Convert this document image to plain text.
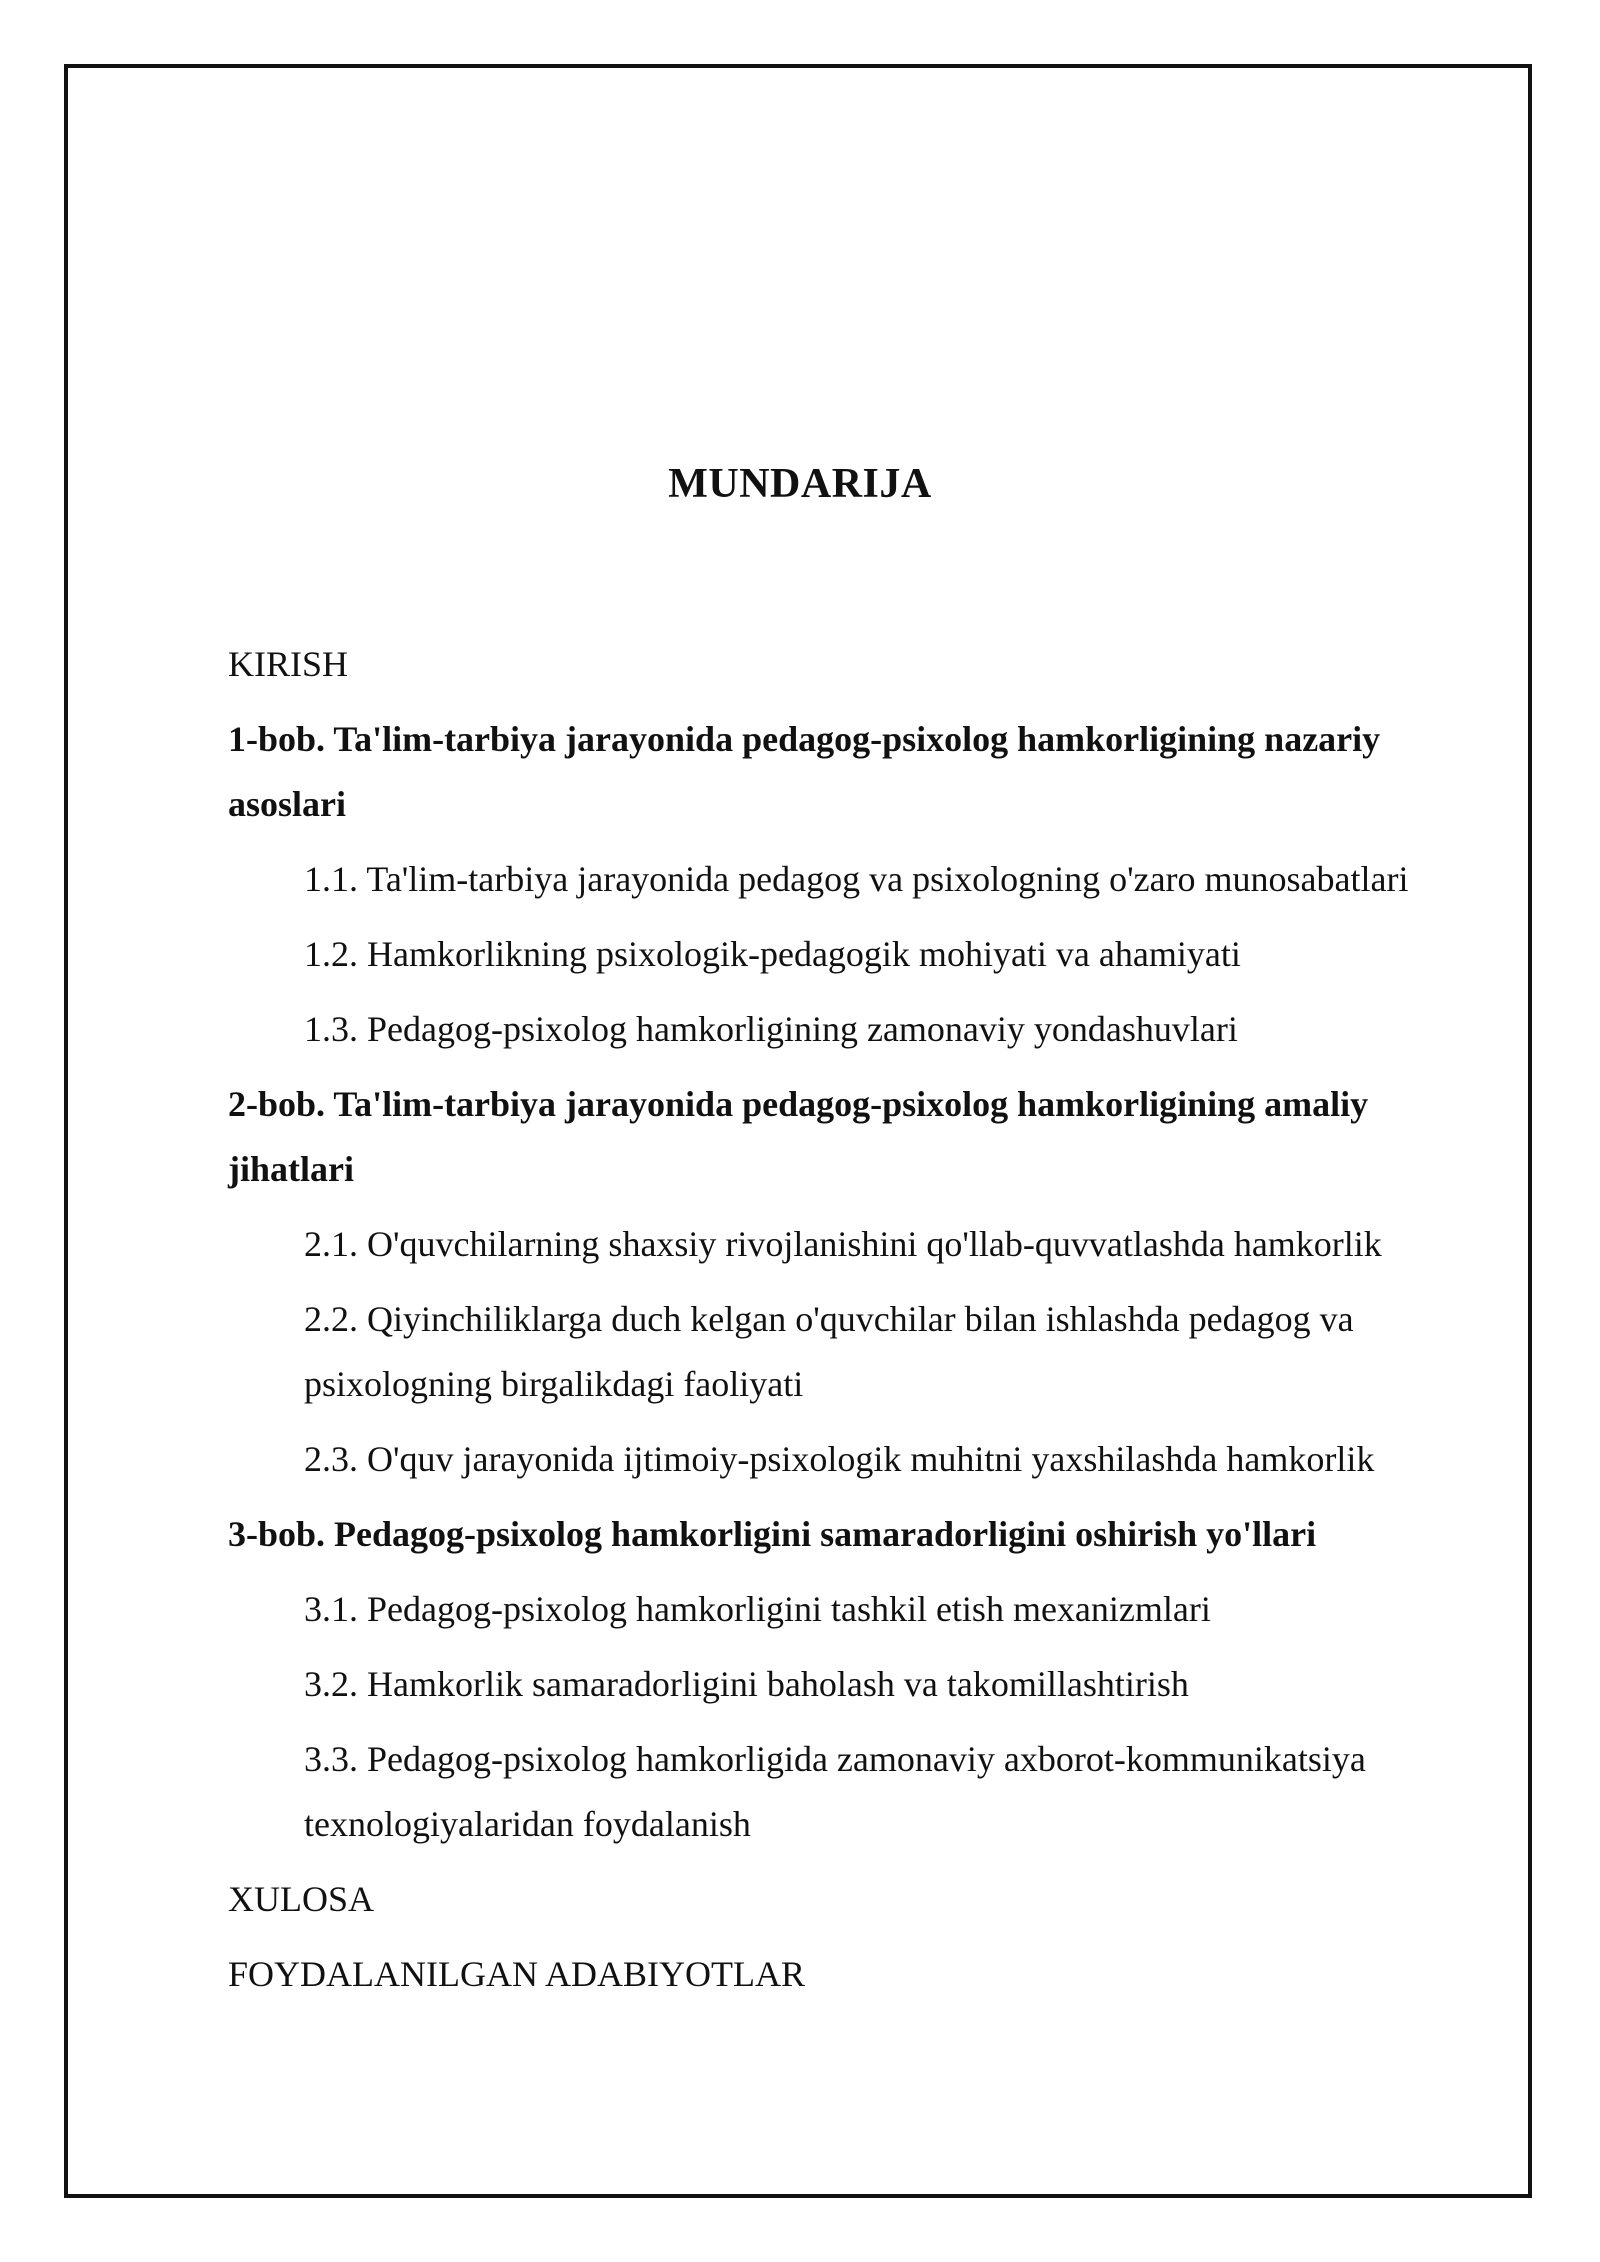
MUNDARIJA
KIRISH
1-bob. Ta'lim-tarbiya jarayonida pedagog-psixolog hamkorligining nazariy asoslari
1.1. Ta'lim-tarbiya jarayonida pedagog va psixologning o'zaro munosabatlari
1.2. Hamkorlikning psixologik-pedagogik mohiyati va ahamiyati
1.3. Pedagog-psixolog hamkorligining zamonaviy yondashuvlari
2-bob. Ta'lim-tarbiya jarayonida pedagog-psixolog hamkorligining amaliy jihatlari
2.1. O'quvchilarning shaxsiy rivojlanishini qo'llab-quvvatlashda hamkorlik
2.2. Qiyinchiliklarga duch kelgan o'quvchilar bilan ishlashda pedagog va psixologning birgalikdagi faoliyati
2.3. O'quv jarayonida ijtimoiy-psixologik muhitni yaxshilashda hamkorlik
3-bob. Pedagog-psixolog hamkorligini samaradorligini oshirish yo'llari
3.1. Pedagog-psixolog hamkorligini tashkil etish mexanizmlari
3.2. Hamkorlik samaradorligini baholash va takomillashtirish
3.3. Pedagog-psixolog hamkorligida zamonaviy axborot-kommunikatsiya texnologiyalaridan foydalanish
XULOSA
FOYDALANILGAN ADABIYOTLAR
